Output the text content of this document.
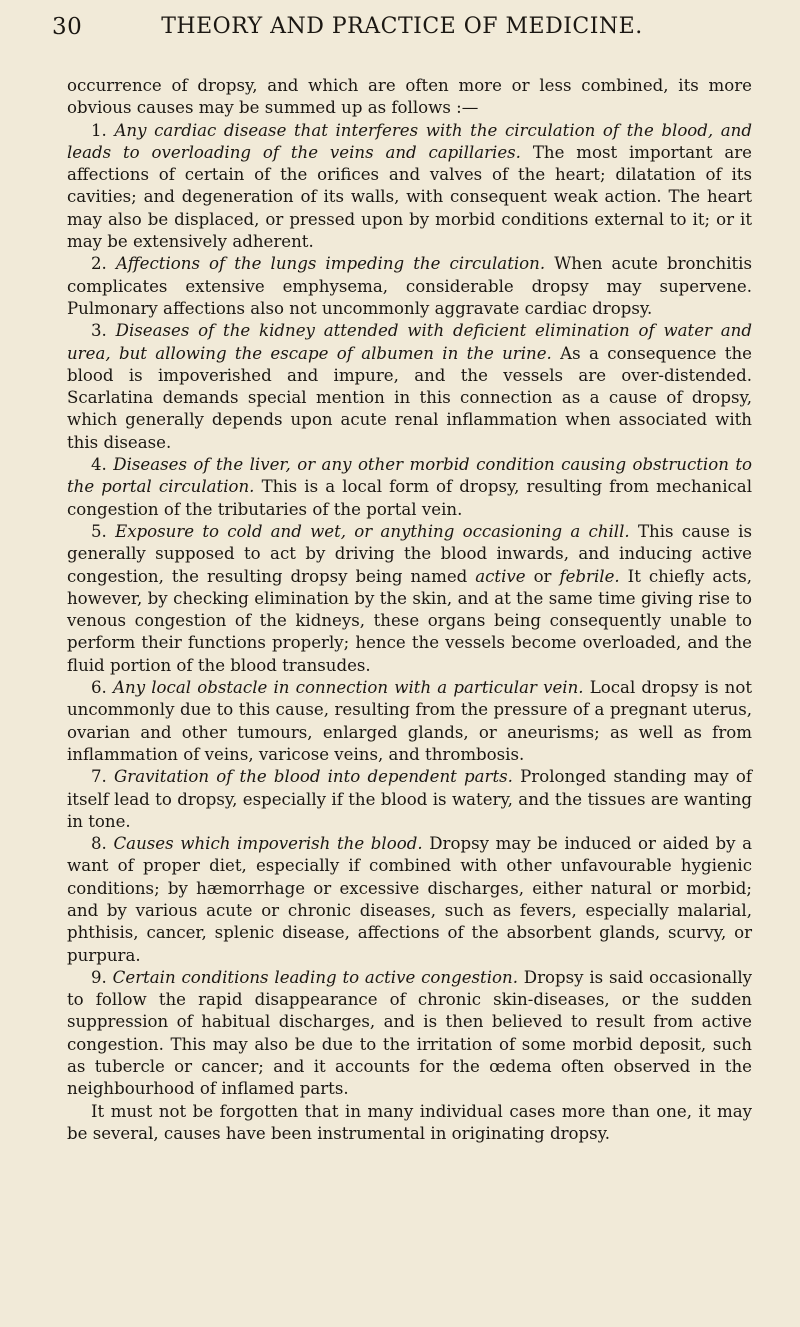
30	THEORY AND PRACTICE OF MEDICINE.

occurrence of dropsy, and which are often more or less combined, its more obvious causes may be summed up as follows :—

1. Any cardiac disease that interferes with the circulation of the blood, and leads to overloading of the veins and capillaries. The most important are affections of certain of the orifices and valves of the heart; dilatation of its cavities; and degeneration of its walls, with consequent weak action. The heart may also be displaced, or pressed upon by morbid conditions external to it; or it may be extensively adherent.

2. Affections of the lungs impeding the circulation. When acute bronchitis complicates extensive emphysema, considerable dropsy may supervene. Pulmonary affections also not uncommonly aggravate cardiac dropsy.

3. Diseases of the kidney attended with deficient elimination of water and urea, but allowing the escape of albumen in the urine. As a consequence the blood is impoverished and impure, and the vessels are over-distended. Scarlatina demands special mention in this connection as a cause of dropsy, which generally depends upon acute renal inflammation when associated with this disease.

4. Diseases of the liver, or any other morbid condition causing obstruction to the portal circulation. This is a local form of dropsy, resulting from mechanical congestion of the tributaries of the portal vein.

5. Exposure to cold and wet, or anything occasioning a chill. This cause is generally supposed to act by driving the blood inwards, and inducing active congestion, the resulting dropsy being named active or febrile. It chiefly acts, however, by checking elimination by the skin, and at the same time giving rise to venous congestion of the kidneys, these organs being consequently unable to perform their functions properly; hence the vessels become overloaded, and the fluid portion of the blood transudes.

6. Any local obstacle in connection with a particular vein. Local dropsy is not uncommonly due to this cause, resulting from the pressure of a pregnant uterus, ovarian and other tumours, enlarged glands, or aneurisms; as well as from inflammation of veins, varicose veins, and thrombosis.

7. Gravitation of the blood into dependent parts. Prolonged standing may of itself lead to dropsy, especially if the blood is watery, and the tissues are wanting in tone.

8. Causes which impoverish the blood. Dropsy may be induced or aided by a want of proper diet, especially if combined with other unfavourable hygienic conditions; by hæmorrhage or excessive discharges, either natural or morbid; and by various acute or chronic diseases, such as fevers, especially malarial, phthisis, cancer, splenic disease, affections of the absorbent glands, scurvy, or purpura.

9. Certain conditions leading to active congestion. Dropsy is said occasionally to follow the rapid disappearance of chronic skin-diseases, or the sudden suppression of habitual discharges, and is then believed to result from active congestion. This may also be due to the irritation of some morbid deposit, such as tubercle or cancer; and it accounts for the œdema often observed in the neighbourhood of inflamed parts.

It must not be forgotten that in many individual cases more than one, it may be several, causes have been instrumental in originating dropsy.
